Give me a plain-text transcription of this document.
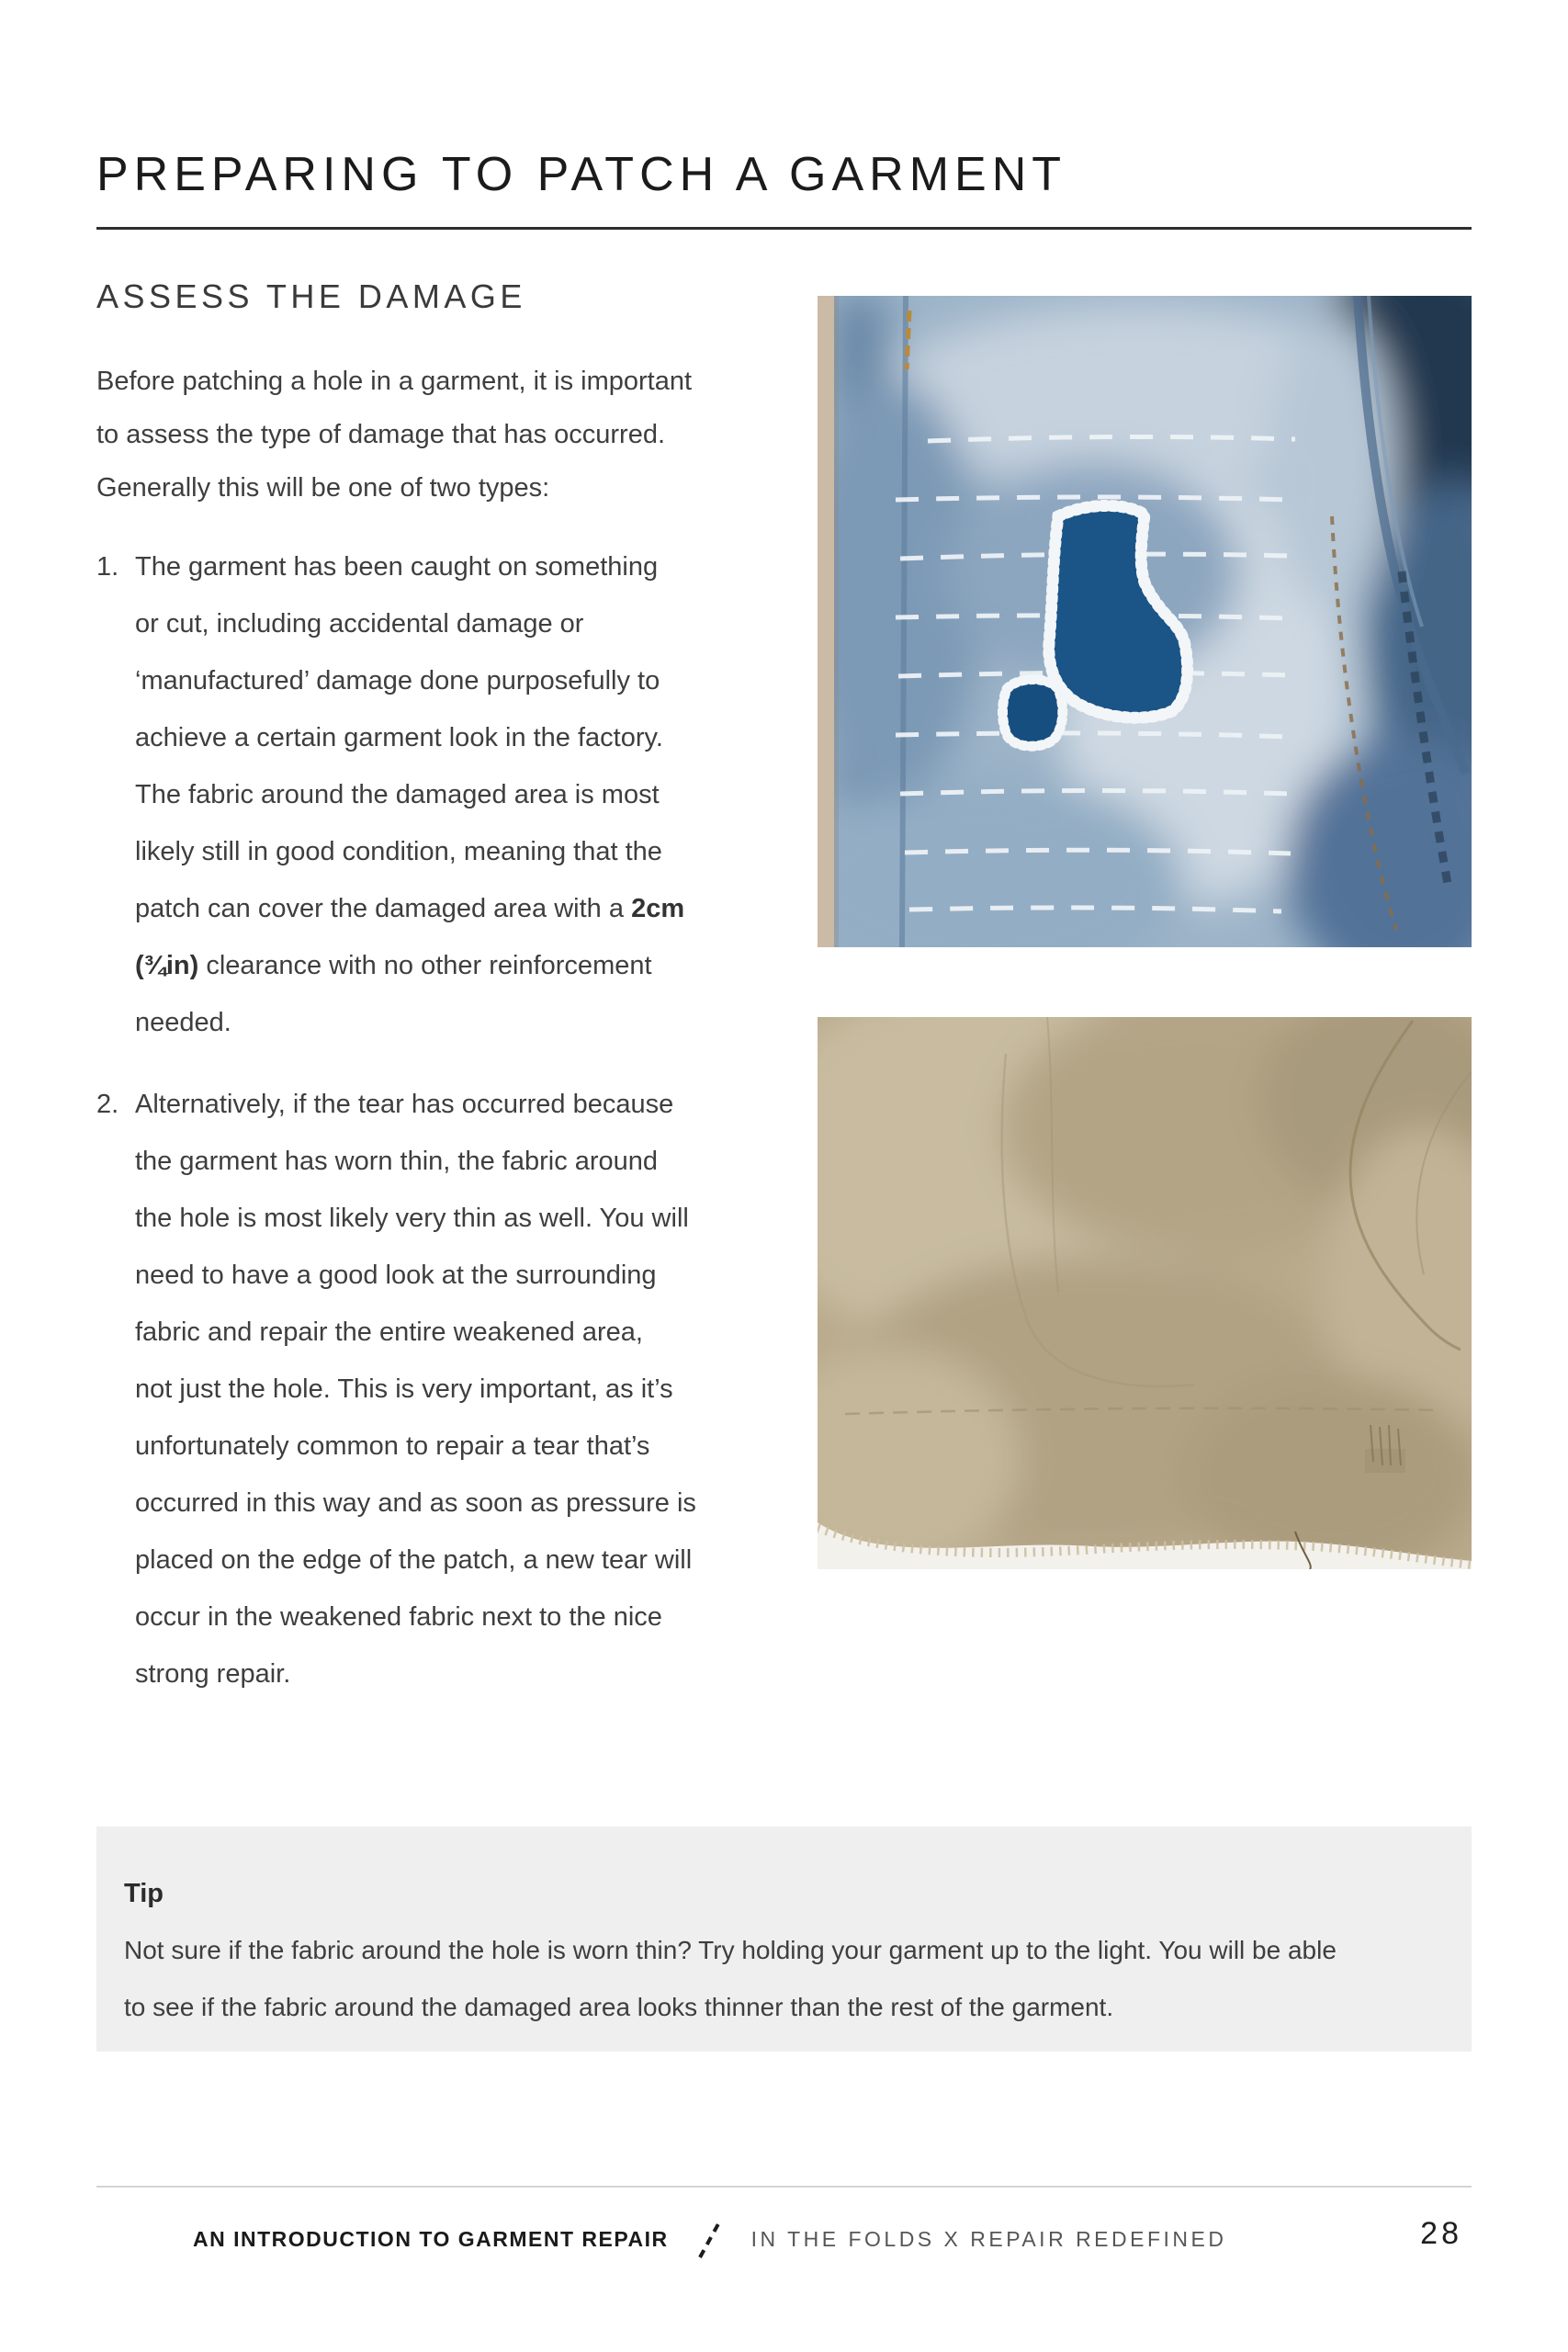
PREPARING TO PATCH A GARMENT
ASSESS THE DAMAGE
Before patching a hole in a garment, it is important
to assess the type of damage that has occurred.
Generally this will be one of two types:
1. The garment has been caught on something
or cut, including accidental damage or
‘manufactured’ damage done purposefully to
achieve a certain garment look in the factory.
The fabric around the damaged area is most
likely still in good condition, meaning that the
patch can cover the damaged area with a 2cm
(¾in) clearance with no other reinforcement
needed.
2. Alternatively, if the tear has occurred because
the garment has worn thin, the fabric around
the hole is most likely very thin as well. You will
need to have a good look at the surrounding
fabric and repair the entire weakened area,
not just the hole. This is very important, as it’s
unfortunately common to repair a tear that’s
occurred in this way and as soon as pressure is
placed on the edge of the patch, a new tear will
occur in the weakened fabric next to the nice
strong repair.
Tip
Not sure if the fabric around the hole is worn thin? Try holding your garment up to the light. You will be able
to see if the fabric around the damaged area looks thinner than the rest of the garment.
AN INTRODUCTION TO GARMENT REPAIR	IN THE FOLDS X REPAIR REDEFINED	28
